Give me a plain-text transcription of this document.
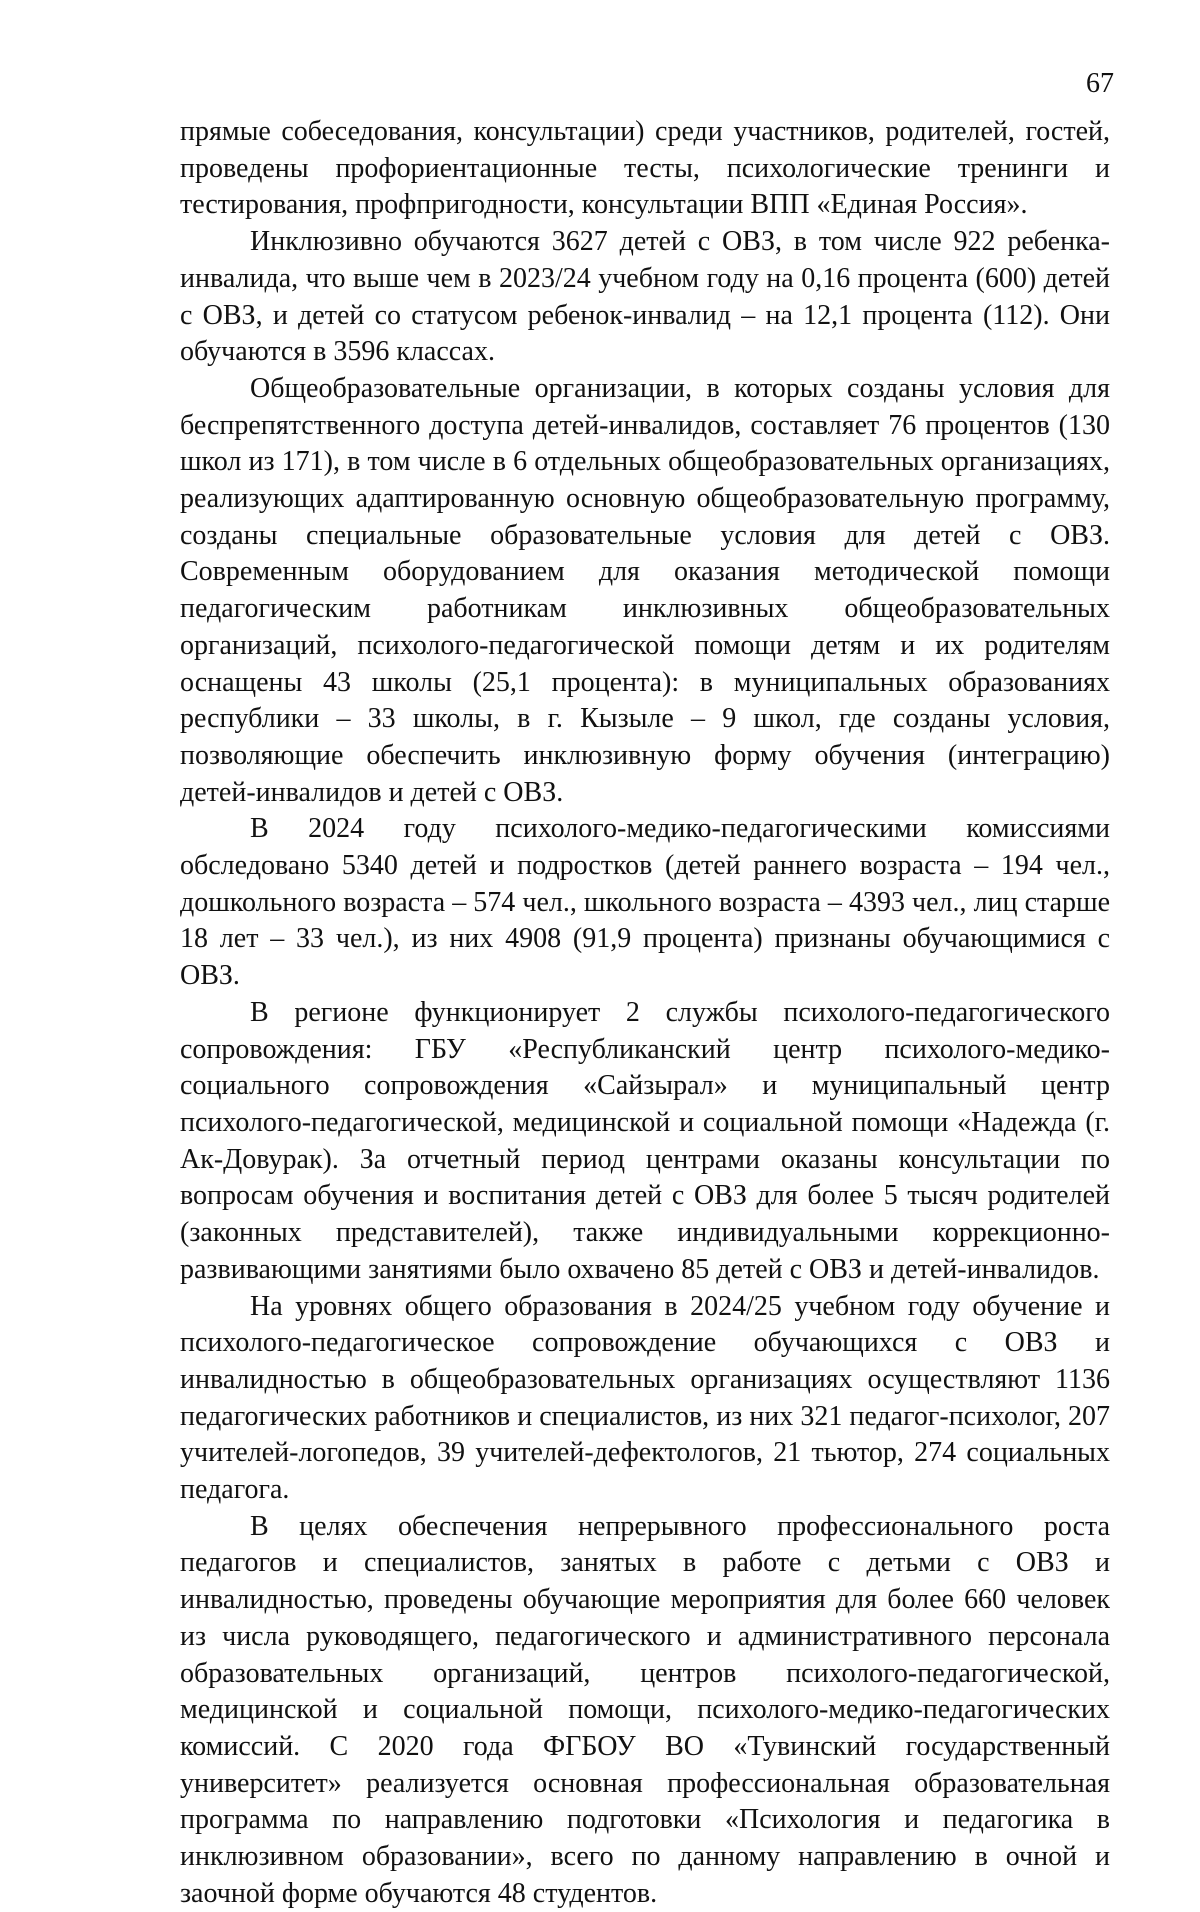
67

прямые собеседования, консультации) среди участников, родителей, гостей, проведены профориентационные тесты, психологические тренинги и тестирования, профпригодности, консультации ВПП «Единая Россия».

Инклюзивно обучаются 3627 детей с ОВЗ, в том числе 922 ребенка-инвалида, что выше чем в 2023/24 учебном году на 0,16 процента (600) детей с ОВЗ, и детей со статусом ребенок-инвалид – на 12,1 процента (112). Они обучаются в 3596 классах.

Общеобразовательные организации, в которых созданы условия для беспрепятственного доступа детей-инвалидов, составляет 76 процентов (130 школ из 171), в том числе в 6 отдельных общеобразовательных организациях, реализующих адаптированную основную общеобразовательную программу, созданы специальные образовательные условия для детей с ОВЗ. Современным оборудованием для оказания методической помощи педагогическим работникам инклюзивных общеобразовательных организаций, психолого-педагогической помощи детям и их родителям оснащены 43 школы (25,1 процента): в муниципальных образованиях республики – 33 школы, в г. Кызыле – 9 школ, где созданы условия, позволяющие обеспечить инклюзивную форму обучения (интеграцию) детей-инвалидов и детей с ОВЗ.

В 2024 году психолого-медико-педагогическими комиссиями обследовано 5340 детей и подростков (детей раннего возраста – 194 чел., дошкольного возраста – 574 чел., школьного возраста – 4393 чел., лиц старше 18 лет – 33 чел.), из них 4908 (91,9 процента) признаны обучающимися с ОВЗ.

В регионе функционирует 2 службы психолого-педагогического сопровождения: ГБУ «Республиканский центр психолого-медико-социального сопровождения «Сайзырал» и муниципальный центр психолого-педагогической, медицинской и социальной помощи «Надежда (г. Ак-Довурак). За отчетный период центрами оказаны консультации по вопросам обучения и воспитания детей с ОВЗ для более 5 тысяч родителей (законных представителей), также индивидуальными коррекционно-развивающими занятиями было охвачено 85 детей с ОВЗ и детей-инвалидов.

На уровнях общего образования в 2024/25 учебном году обучение и психолого-педагогическое сопровождение обучающихся с ОВЗ и инвалидностью в общеобразовательных организациях осуществляют 1136 педагогических работников и специалистов, из них 321 педагог-психолог, 207 учителей-логопедов, 39 учителей-дефектологов, 21 тьютор, 274 социальных педагога.

В целях обеспечения непрерывного профессионального роста педагогов и специалистов, занятых в работе с детьми с ОВЗ и инвалидностью, проведены обучающие мероприятия для более 660 человек из числа руководящего, педагогического и административного персонала образовательных организаций, центров психолого-педагогической, медицинской и социальной помощи, психолого-медико-педагогических комиссий. С 2020 года ФГБОУ ВО «Тувинский государственный университет» реализуется основная профессиональная образовательная программа по направлению подготовки «Психология и педагогика в инклюзивном образовании», всего по данному направлению в очной и заочной форме обучаются 48 студентов.
